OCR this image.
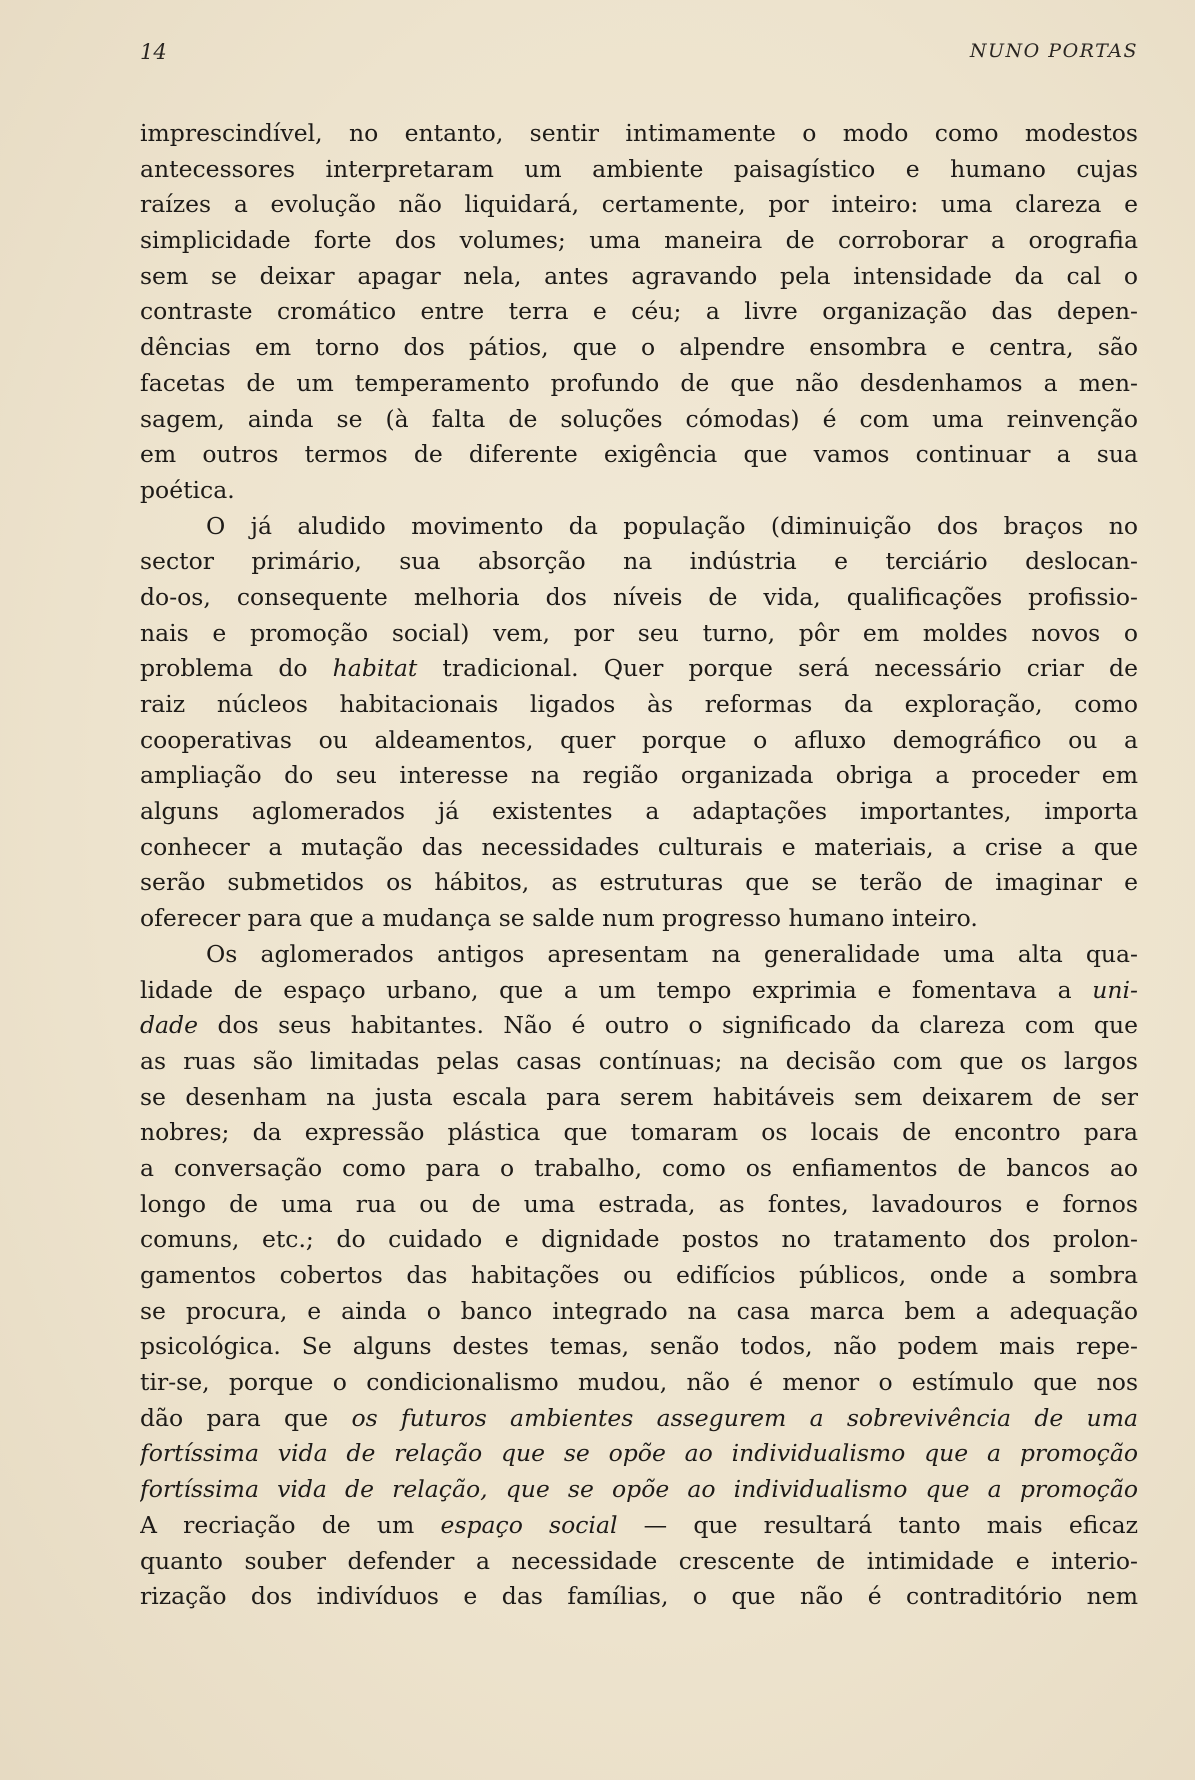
14	NUNO PORTAS
imprescindível, no entanto, sentir intimamente o modo como modestos
antecessores interpretaram um ambiente paisagístico e humano cujas
raízes a evolução não liquidará, certamente, por inteiro: uma clareza e
simplicidade forte dos volumes; uma maneira de corroborar a orografia
sem se deixar apagar nela, antes agravando pela intensidade da cal o
contraste cromático entre terra e céu; a livre organização das depen-
dências em torno dos pátios, que o alpendre ensombra e centra, são
facetas de um temperamento profundo de que não desdenhamos a men-
sagem, ainda se (à falta de soluções cómodas) é com uma reinvenção
em outros termos de diferente exigência que vamos continuar a sua
poética.
O já aludido movimento da população (diminuição dos braços no
sector primário, sua absorção na indústria e terciário deslocan-
do-os, consequente melhoria dos níveis de vida, qualificações profissio-
nais e promoção social) vem, por seu turno, pôr em moldes novos o
problema do habitat tradicional. Quer porque será necessário criar de
raiz núcleos habitacionais ligados às reformas da exploração, como
cooperativas ou aldeamentos, quer porque o afluxo demográfico ou a
ampliação do seu interesse na região organizada obriga a proceder em
alguns aglomerados já existentes a adaptações importantes, importa
conhecer a mutação das necessidades culturais e materiais, a crise a que
serão submetidos os hábitos, as estruturas que se terão de imaginar e
oferecer para que a mudança se salde num progresso humano inteiro.
Os aglomerados antigos apresentam na generalidade uma alta qua-
lidade de espaço urbano, que a um tempo exprimia e fomentava a uni-
dade dos seus habitantes. Não é outro o significado da clareza com que
as ruas são limitadas pelas casas contínuas; na decisão com que os largos
se desenham na justa escala para serem habitáveis sem deixarem de ser
nobres; da expressão plástica que tomaram os locais de encontro para
a conversação como para o trabalho, como os enfiamentos de bancos ao
longo de uma rua ou de uma estrada, as fontes, lavadouros e fornos
comuns, etc.; do cuidado e dignidade postos no tratamento dos prolon-
gamentos cobertos das habitações ou edifícios públicos, onde a sombra
se procura, e ainda o banco integrado na casa marca bem a adequação
psicológica. Se alguns destes temas, senão todos, não podem mais repe-
tir-se, porque o condicionalismo mudou, não é menor o estímulo que nos
dão para que os futuros ambientes assegurem a sobrevivência de uma
fortíssima vida de relação que se opõe ao individualismo que a promoção
fortíssima vida de relação, que se opõe ao individualismo que a promoção
A recriação de um espaço social — que resultará tanto mais eficaz
quanto souber defender a necessidade crescente de intimidade e interio-
rização dos indivíduos e das famílias, o que não é contraditório nem
